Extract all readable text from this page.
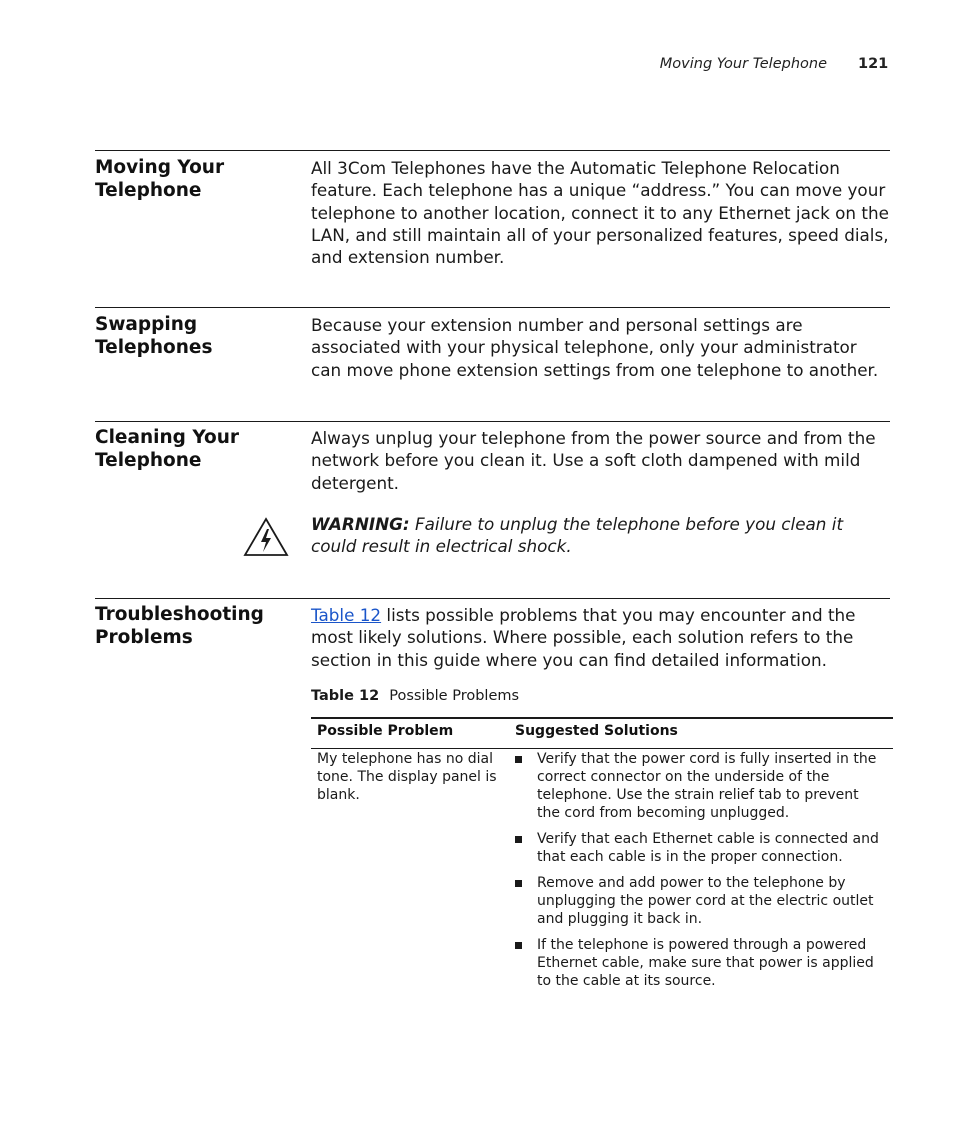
Moving Your Telephone 121
Moving Your
Telephone
All 3Com Telephones have the Automatic Telephone Relocation feature. Each telephone has a unique “address.” You can move your telephone to another location, connect it to any Ethernet jack on the LAN, and still maintain all of your personalized features, speed dials, and extension number.
Swapping
Telephones
Because your extension number and personal settings are associated with your physical telephone, only your administrator can move phone extension settings from one telephone to another.
Cleaning Your
Telephone
Always unplug your telephone from the power source and from the network before you clean it. Use a soft cloth dampened with mild detergent.
WARNING: Failure to unplug the telephone before you clean it could result in electrical shock.
Troubleshooting
Problems
Table 12 lists possible problems that you may encounter and the most likely solutions. Where possible, each solution refers to the section in this guide where you can find detailed information.
Table 12 Possible Problems
Possible Problem	Suggested Solutions
My telephone has no dial tone. The display panel is blank.
Verify that the power cord is fully inserted in the correct connector on the underside of the telephone. Use the strain relief tab to prevent the cord from becoming unplugged.
Verify that each Ethernet cable is connected and that each cable is in the proper connection.
Remove and add power to the telephone by unplugging the power cord at the electric outlet and plugging it back in.
If the telephone is powered through a powered Ethernet cable, make sure that power is applied to the cable at its source.
